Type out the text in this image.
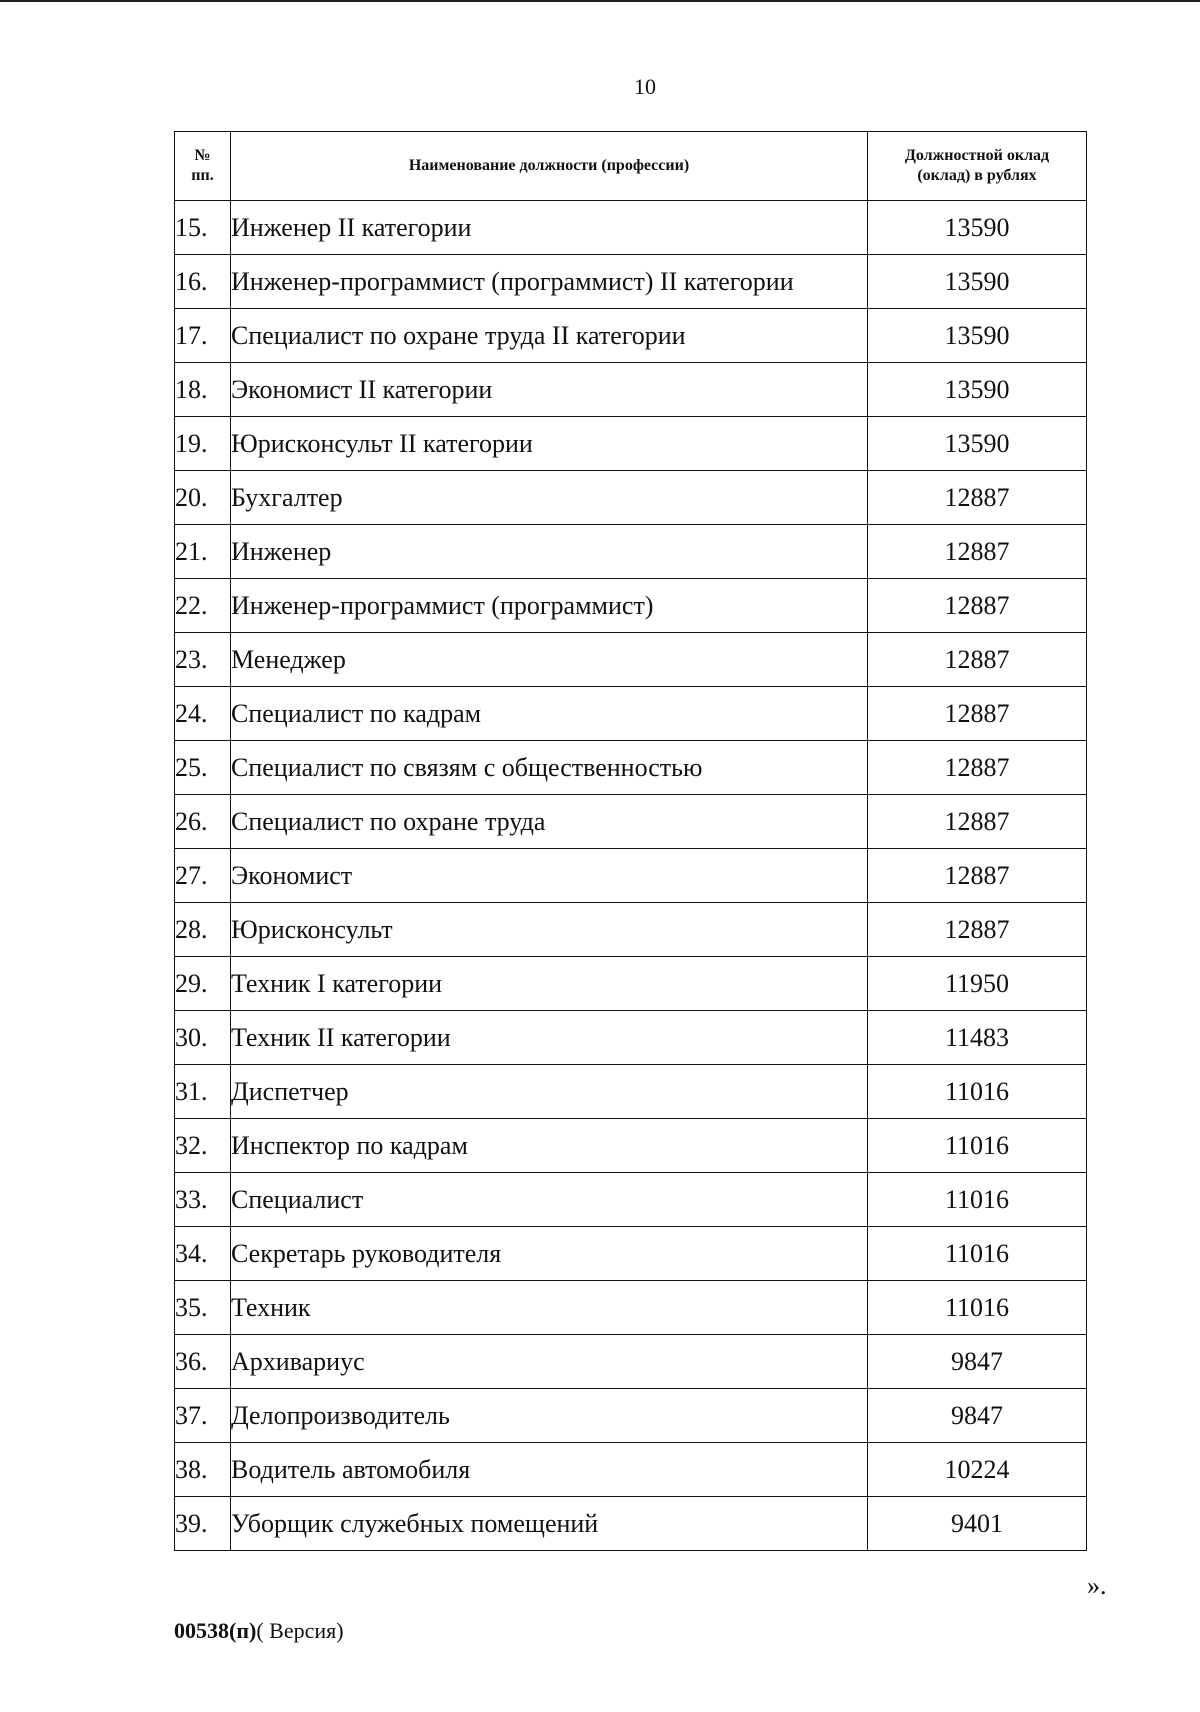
10
№
пп.	Наименование должности (профессии)	Должностной оклад
(оклад) в рублях
15.	Инженер II категории	13590
16.	Инженер-программист (программист) II категории	13590
17.	Специалист по охране труда II категории	13590
18.	Экономист II категории	13590
19.	Юрисконсульт II категории	13590
20.	Бухгалтер	12887
21.	Инженер	12887
22.	Инженер-программист (программист)	12887
23.	Менеджер	12887
24.	Специалист по кадрам	12887
25.	Специалист по связям с общественностью	12887
26.	Специалист по охране труда	12887
27.	Экономист	12887
28.	Юрисконсульт	12887
29.	Техник I категории	11950
30.	Техник II категории	11483
31.	Диспетчер	11016
32.	Инспектор по кадрам	11016
33.	Специалист	11016
34.	Секретарь руководителя	11016
35.	Техник	11016
36.	Архивариус	9847
37.	Делопроизводитель	9847
38.	Водитель автомобиля	10224
39.	Уборщик служебных помещений	9401
».
00538(п)( Версия)
